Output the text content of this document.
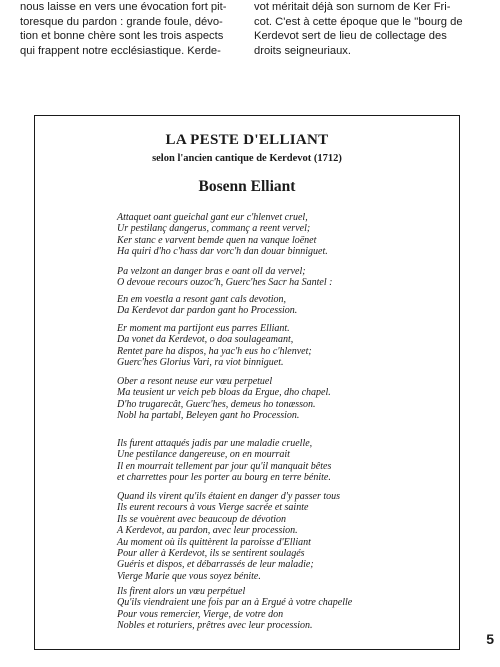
nous laisse en vers une évocation fort pit-
toresque du pardon : grande foule, dévo-
tion et bonne chère sont les trois aspects
qui frappent notre ecclésiastique. Kerde-
vot méritait déjà son surnom de Ker Fri-
cot. C'est à cette époque que le ''bourg de
Kerdevot sert de lieu de collectage des
droits seigneuriaux.
LA PESTE D'ELLIANT
selon l'ancien cantique de Kerdevot (1712)
Bosenn Elliant
Attaquet oant gueichal gant eur c'hlenvet cruel,
Ur pestilanç dangerus, commanç a reent vervel;
Ker stanc e varvent bemde quen na vanque loënet
Ha quiri d'ho c'hass dar vorc'h dan douar binniguet.
Pa velzont an danger bras e oant oll da vervel;
O devoue recours ouzoc'h, Guerc'hes Sacr ha Santel :
En em voestla a resont gant cals devotion,
Da Kerdevot dar pardon gant ho Procession.
Er moment ma partijont eus parres Elliant.
Da vonet da Kerdevot, o doa soulageamant,
Rentet pare ha dispos, ha yac'h eus ho c'hlenvet;
Guerc'hes Glorius Vari, ra viot binniguet.
Ober a resont neuse eur vœu perpetuel
Ma teusient ur veich peb bloas da Ergue, dho chapel.
D'ho trugarecât, Guerc'hes, demeus ho tonæsson.
Nobl ha partabl, Beleyen gant ho Procession.
Ils furent attaqués jadis par une maladie cruelle,
Une pestilance dangereuse, on en mourrait
Il en mourrait tellement par jour qu'il manquait bêtes
et charrettes pour les porter au bourg en terre bénite.
Quand ils virent qu'ils étaient en danger d'y passer tous
Ils eurent recours à vous Vierge sacrée et sainte
Ils se vouèrent avec beaucoup de dévotion
A Kerdevot, au pardon, avec leur procession.
Au moment où ils quittèrent la paroisse d'Elliant
Pour aller à Kerdevot, ils se sentirent soulagés
Guéris et dispos, et débarrassés de leur maladie;
Vierge Marie que vous soyez bénite.
Ils firent alors un vœu perpétuel
Qu'ils viendraient une fois par an à Ergué à votre chapelle
Pour vous remercier, Vierge, de votre don
Nobles et roturiers, prêtres avec leur procession.
5
